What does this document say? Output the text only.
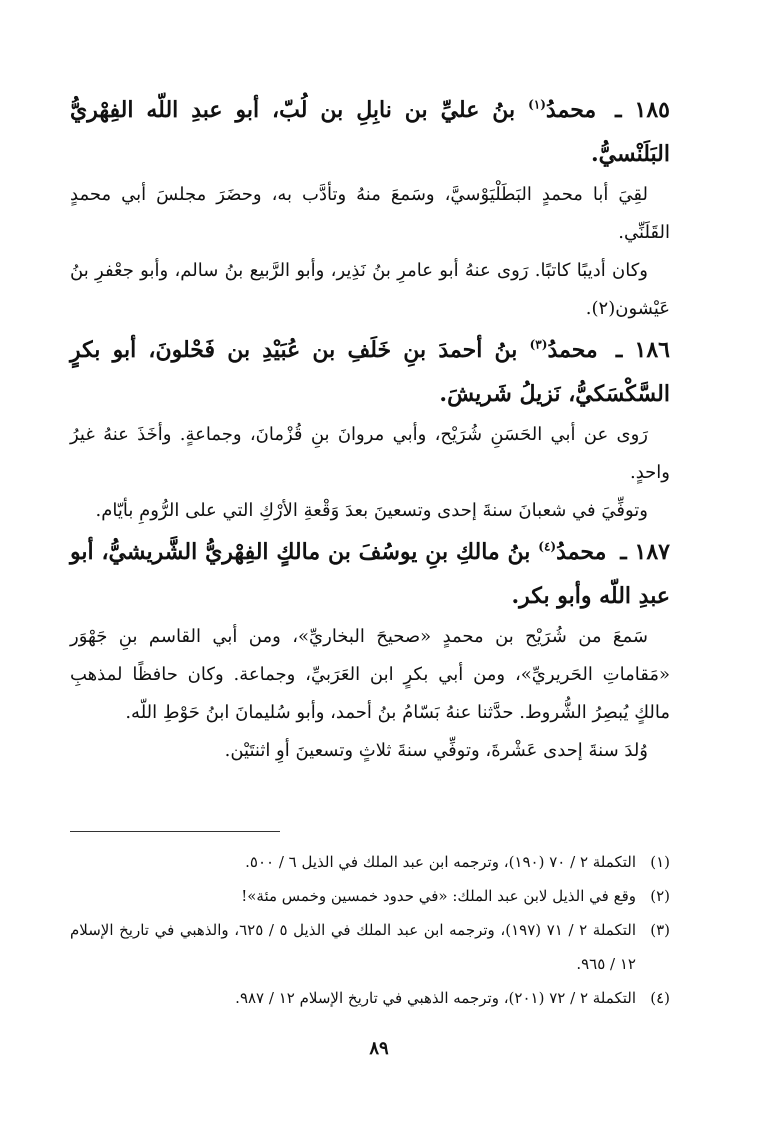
١٨٥ ـ محمدُ$^{(١)}$ بنُ عليِّ بن نابِلِ بن لُبّ، أبو عبدِ اللّه الفِهْريُّ البَلَنْسيُّ.

لقِيَ أبا محمدٍ البَطَلْيَوْسيَّ، وسَمعَ منهُ وتأدَّب به، وحضَرَ مجلسَ أبي محمدٍ القَلَنِّي.

وكان أديبًا كاتبًا. رَوى عنهُ أبو عامرِ بنُ نَذِير، وأبو الرَّبيع بنُ سالم، وأبو جعْفرِ بنُ عَيْشون(٢).

١٨٦ ـ محمدُ$^{(٣)}$ بنُ أحمدَ بنِ خَلَفِ بن عُبَيْدِ بن فَحْلونَ، أبو بكرٍ السَّكْسَكيُّ، نَزيلُ شَريشَ.

رَوى عن أبي الحَسَنِ شُرَيْح، وأبي مروانَ بنِ قُزْمانَ، وجماعةٍ. وأخَذَ عنهُ غيرُ واحدٍ.

وتوفِّيَ في شعبانَ سنةَ إحدى وتسعينَ بعدَ وَقْعةِ الأرْكِ التي على الرُّومِ بأيّام.

١٨٧ ـ محمدُ$^{(٤)}$ بنُ مالكِ بنِ يوسُفَ بن مالكٍ الفِهْريُّ الشَّريشيُّ، أبو عبدِ اللّه وأبو بكر.

سَمعَ من شُرَيْح بن محمدٍ «صحيحَ البخاريِّ»، ومن أبي القاسم بنِ جَهْوَر «مَقاماتِ الحَريريِّ»، ومن أبي بكرٍ ابن العَرَبيِّ، وجماعة. وكان حافظًا لمذهبِ مالكٍ يُبصِرُ الشُّروط. حدَّثنا عنهُ بَسّامُ بنُ أحمد، وأبو سُليمانَ ابنُ حَوْطِ اللّه.

وُلدَ سنةَ إحدى عَشْرةَ، وتوفِّي سنةَ ثلاثٍ وتسعينَ أوِ اثنتَيْن.

(١)
التكملة ٢ / ٧٠ (١٩٠)، وترجمه ابن عبد الملك في الذيل ٦ / ٥٠٠.

(٢)
وقع في الذيل لابن عبد الملك: «في حدود خمسين وخمس مئة»!

(٣)
التكملة ٢ / ٧١ (١٩٧)، وترجمه ابن عبد الملك في الذيل ٥ / ٦٢٥، والذهبي في تاريخ الإسلام ١٢ / ٩٦٥.

(٤)
التكملة ٢ / ٧٢ (٢٠١)، وترجمه الذهبي في تاريخ الإسلام ١٢ / ٩٨٧.

٨٩
